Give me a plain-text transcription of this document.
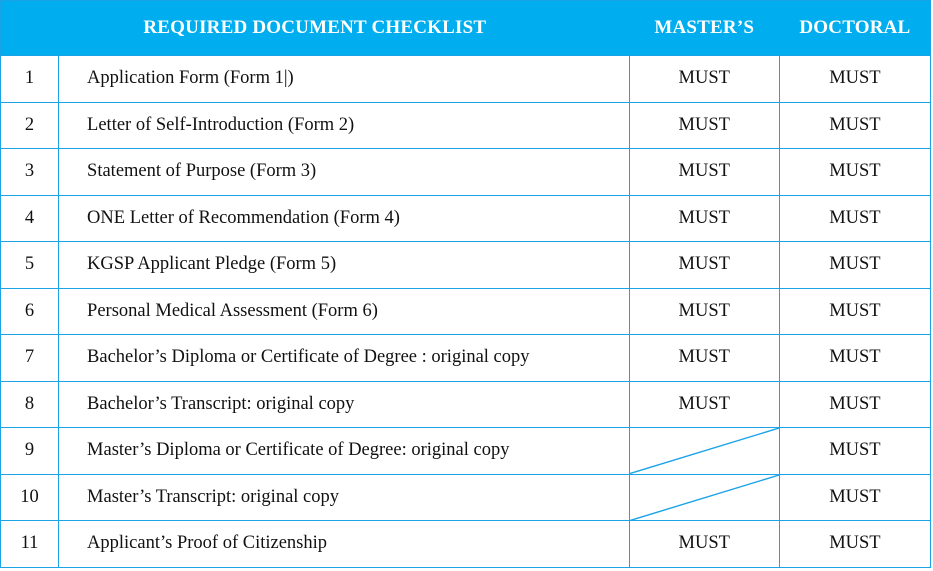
REQUIRED DOCUMENT CHECKLIST		MASTER’S	DOCTORAL
1	Application Form (Form 1|)	MUST	MUST
2	Letter of Self-Introduction (Form 2)	MUST	MUST
3	Statement of Purpose (Form 3)	MUST	MUST
4	ONE Letter of Recommendation (Form 4)	MUST	MUST
5	KGSP Applicant Pledge (Form 5)	MUST	MUST
6	Personal Medical Assessment (Form 6)	MUST	MUST
7	Bachelor’s Diploma or Certificate of Degree : original copy	MUST	MUST
8	Bachelor’s Transcript: original copy	MUST	MUST
9	Master’s Diploma or Certificate of Degree: original copy		MUST
10	Master’s Transcript: original copy		MUST
11	Applicant’s Proof of Citizenship	MUST	MUST
